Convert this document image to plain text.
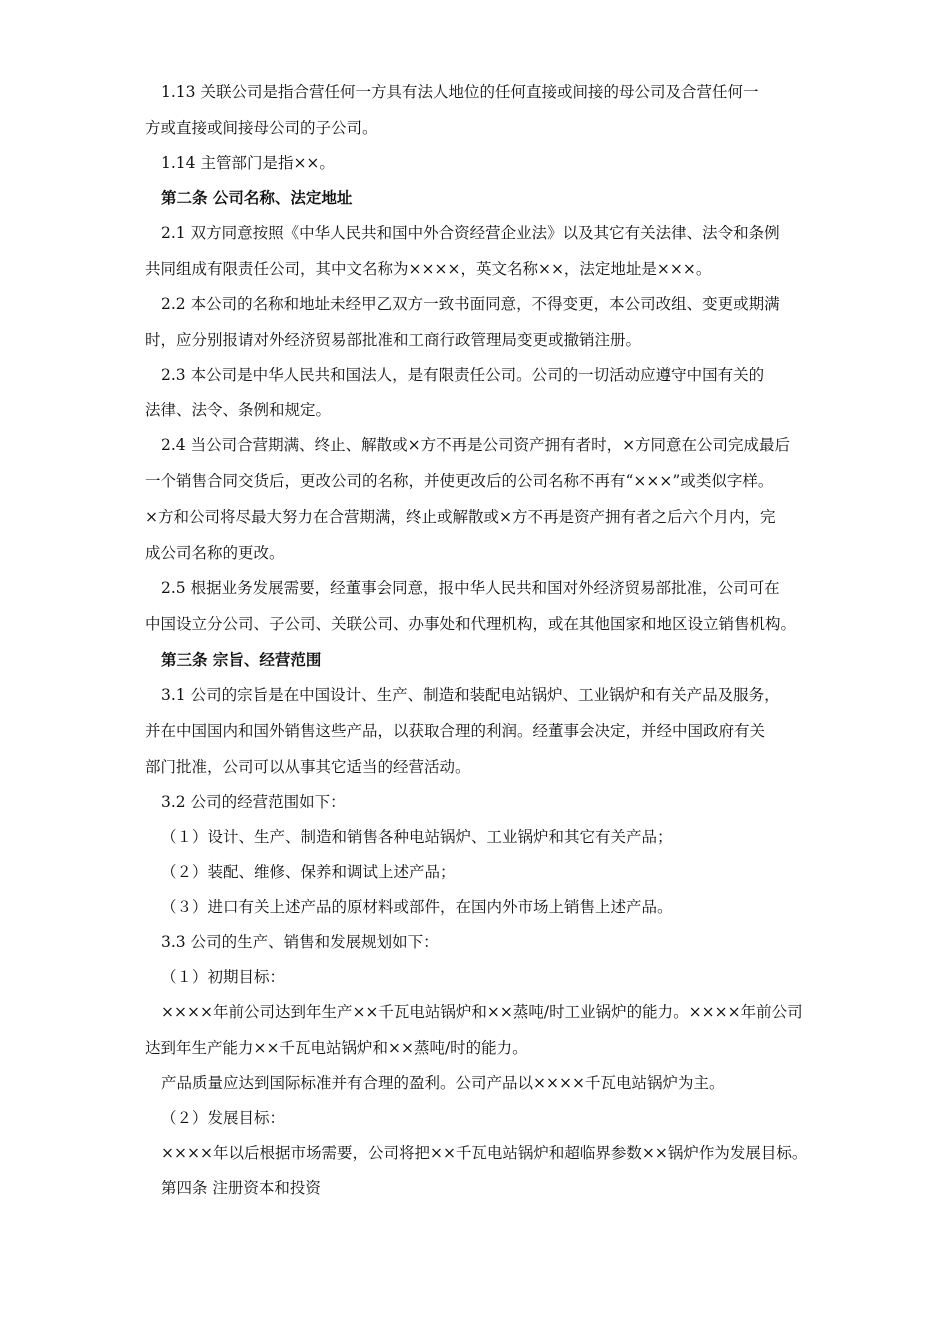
1.13 关联公司是指合营任何一方具有法人地位的任何直接或间接的母公司及合营任何一
方或直接或间接母公司的子公司。
1.14 主管部门是指××。
第二条 公司名称、法定地址
2.1 双方同意按照《中华人民共和国中外合资经营企业法》以及其它有关法律、法令和条例
共同组成有限责任公司，其中文名称为××××，英文名称××，法定地址是×××。
2.2 本公司的名称和地址未经甲乙双方一致书面同意，不得变更，本公司改组、变更或期满
时，应分别报请对外经济贸易部批准和工商行政管理局变更或撤销注册。
2.3 本公司是中华人民共和国法人，是有限责任公司。公司的一切活动应遵守中国有关的
法律、法令、条例和规定。
2.4 当公司合营期满、终止、解散或×方不再是公司资产拥有者时，×方同意在公司完成最后
一个销售合同交货后，更改公司的名称，并使更改后的公司名称不再有“×××”或类似字样。
×方和公司将尽最大努力在合营期满，终止或解散或×方不再是资产拥有者之后六个月内，完
成公司名称的更改。
2.5 根据业务发展需要，经董事会同意，报中华人民共和国对外经济贸易部批准，公司可在
中国设立分公司、子公司、关联公司、办事处和代理机构，或在其他国家和地区设立销售机构。
第三条 宗旨、经营范围
3.1 公司的宗旨是在中国设计、生产、制造和装配电站锅炉、工业锅炉和有关产品及服务，
并在中国国内和国外销售这些产品，以获取合理的利润。经董事会决定，并经中国政府有关
部门批准，公司可以从事其它适当的经营活动。
3.2 公司的经营范围如下：
（１）设计、生产、制造和销售各种电站锅炉、工业锅炉和其它有关产品；
（２）装配、维修、保养和调试上述产品；
（３）进口有关上述产品的原材料或部件，在国内外市场上销售上述产品。
3.3 公司的生产、销售和发展规划如下：
（１）初期目标：
××××年前公司达到年生产××千瓦电站锅炉和××蒸吨/时工业锅炉的能力。××××年前公司
达到年生产能力××千瓦电站锅炉和××蒸吨/时的能力。
产品质量应达到国际标准并有合理的盈利。公司产品以××××千瓦电站锅炉为主。
（２）发展目标：
××××年以后根据市场需要，公司将把××千瓦电站锅炉和超临界参数××锅炉作为发展目标。
第四条 注册资本和投资
